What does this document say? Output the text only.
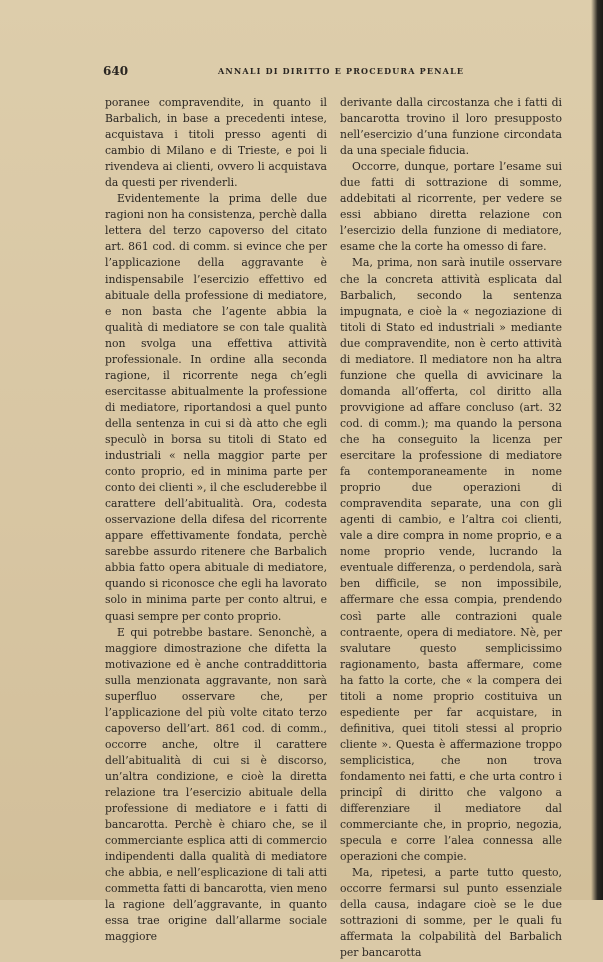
640	ANNALI DI DIRITTO E PROCEDURA PENALE

poranee compravendite, in quanto il Barbalich, in base a precedenti intese, acquistava i titoli presso agenti di cambio di Milano e di Trieste, e poi li rivendeva ai clienti, ovvero li acquistava da questi per rivenderli.

Evidentemente la prima delle due ragioni non ha consistenza, perchè dalla lettera del terzo capoverso del citato art. 861 cod. di comm. si evince che per l’applicazione della aggravante è indispensabile l’esercizio effettivo ed abituale della professione di mediatore, e non basta che l’agente abbia la qualità di mediatore se con tale qualità non svolga una effettiva attività professionale. In ordine alla seconda ragione, il ricorrente nega ch’egli esercitasse abitualmente la professione di mediatore, riportandosi a quel punto della sentenza in cui si dà atto che egli speculò in borsa su titoli di Stato ed industriali « nella maggior parte per conto proprio, ed in minima parte per conto dei clienti », il che escluderebbe il carattere dell’abitualità. Ora, codesta osservazione della difesa del ricorrente appare effettivamente fondata, perchè sarebbe assurdo ritenere che Barbalich abbia fatto opera abituale di mediatore, quando si riconosce che egli ha lavorato solo in minima parte per conto altrui, e quasi sempre per conto proprio.

E qui potrebbe bastare. Senonchè, a maggiore dimostrazione che difetta la motivazione ed è anche contraddittoria sulla menzionata aggravante, non sarà superfluo osservare che, per l’applicazione del più volte citato terzo capoverso dell’art. 861 cod. di comm., occorre anche, oltre il carattere dell’abitualità di cui si è discorso, un’altra condizione, e cioè la diretta relazione tra l’esercizio abituale della professione di mediatore e i fatti di bancarotta. Perchè è chiaro che, se il commerciante esplica atti di commercio indipendenti dalla qualità di mediatore che abbia, e nell’esplicazione di tali atti commetta fatti di bancarotta, vien meno la ragione dell’aggravante, in quanto essa trae origine dall’allarme sociale maggiore

derivante dalla circostanza che i fatti di bancarotta trovino il loro presupposto nell’esercizio d’una funzione circondata da una speciale fiducia.

Occorre, dunque, portare l’esame sui due fatti di sottrazione di somme, addebitati al ricorrente, per vedere se essi abbiano diretta relazione con l’esercizio della funzione di mediatore, esame che la corte ha omesso di fare.

Ma, prima, non sarà inutile osservare che la concreta attività esplicata dal Barbalich, secondo la sentenza impugnata, e cioè la « negoziazione di titoli di Stato ed industriali » mediante due compravendite, non è certo attività di mediatore. Il mediatore non ha altra funzione che quella di avvicinare la domanda all’offerta, col diritto alla provvigione ad affare concluso (art. 32 cod. di comm.); ma quando la persona che ha conseguito la licenza per esercitare la professione di mediatore fa contemporaneamente in nome proprio due operazioni di compravendita separate, una con gli agenti di cambio, e l’altra coi clienti, vale a dire compra in nome proprio, e a nome proprio vende, lucrando la eventuale differenza, o perdendola, sarà ben difficile, se non impossibile, affermare che essa compia, prendendo così parte alle contrazioni quale contraente, opera di mediatore. Nè, per svalutare questo semplicissimo ragionamento, basta affermare, come ha fatto la corte, che « la compera dei titoli a nome proprio costituiva un espediente per far acquistare, in definitiva, quei titoli stessi al proprio cliente ». Questa è affermazione troppo semplicistica, che non trova fondamento nei fatti, e che urta contro i principî di diritto che valgono a differenziare il mediatore dal commerciante che, in proprio, negozia, specula e corre l’alea connessa alle operazioni che compie.

Ma, ripetesi, a parte tutto questo, occorre fermarsi sul punto essenziale della causa, indagare cioè se le due sottrazioni di somme, per le quali fu affermata la colpabilità del Barbalich per bancarotta
